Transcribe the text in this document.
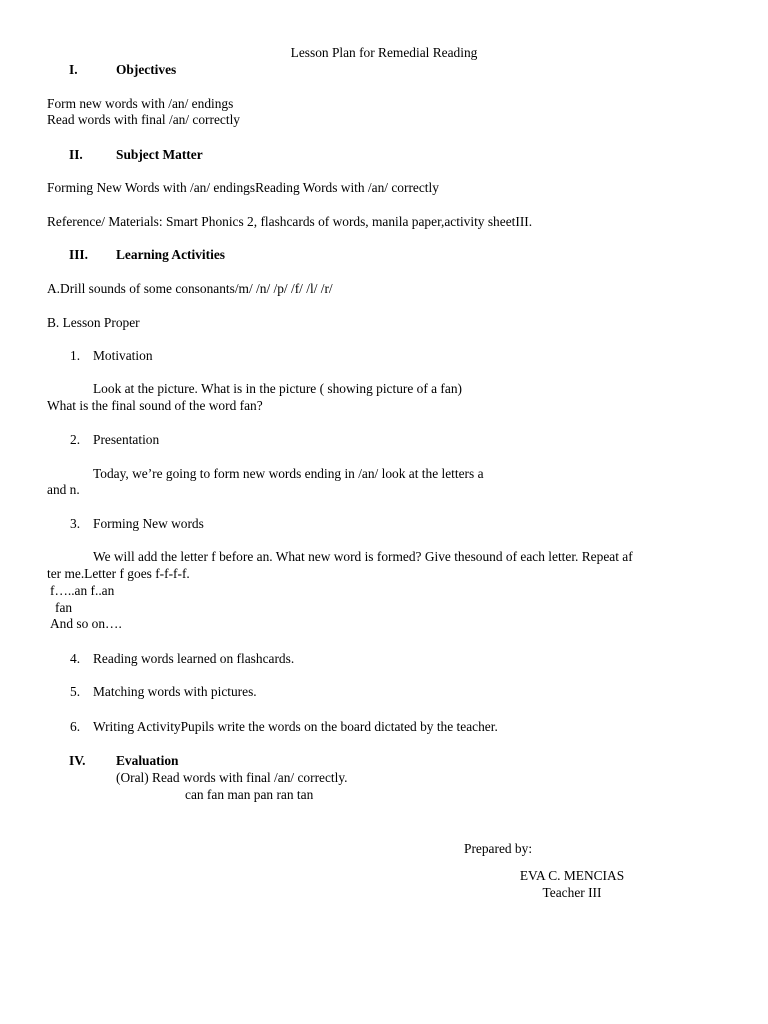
Lesson Plan for Remedial Reading
I.	Objectives
Form new words with /an/ endings
Read words with final /an/ correctly
II. Subject Matter
Forming New Words with /an/ endingsReading Words with /an/ correctly
Reference/ Materials: Smart Phonics 2, flashcards of words, manila paper,activity sheetIII.
III. Learning Activities
A.Drill sounds of some consonants/m/ /n/ /p/ /f/ /l/ /r/
B. Lesson Proper
1. Motivation
Look at the picture. What is in the picture ( showing picture of a fan)
What is the final sound of the word fan?
2. Presentation
Today, we’re going to form new words ending in /an/ look at the letters a
and n.
3. Forming New words
We will add the letter f before an. What new word is formed? Give thesound of each letter. Repeat af
ter me.Letter f goes f-f-f-f.
f…..an f..an
fan
And so on….
4. Reading words learned on flashcards.
5. Matching words with pictures.
6. Writing ActivityPupils write the words on the board dictated by the teacher.
IV. Evaluation
(Oral) Read words with final /an/ correctly.
can fan man pan ran tan
Prepared by:
EVA C. MENCIAS
Teacher III
